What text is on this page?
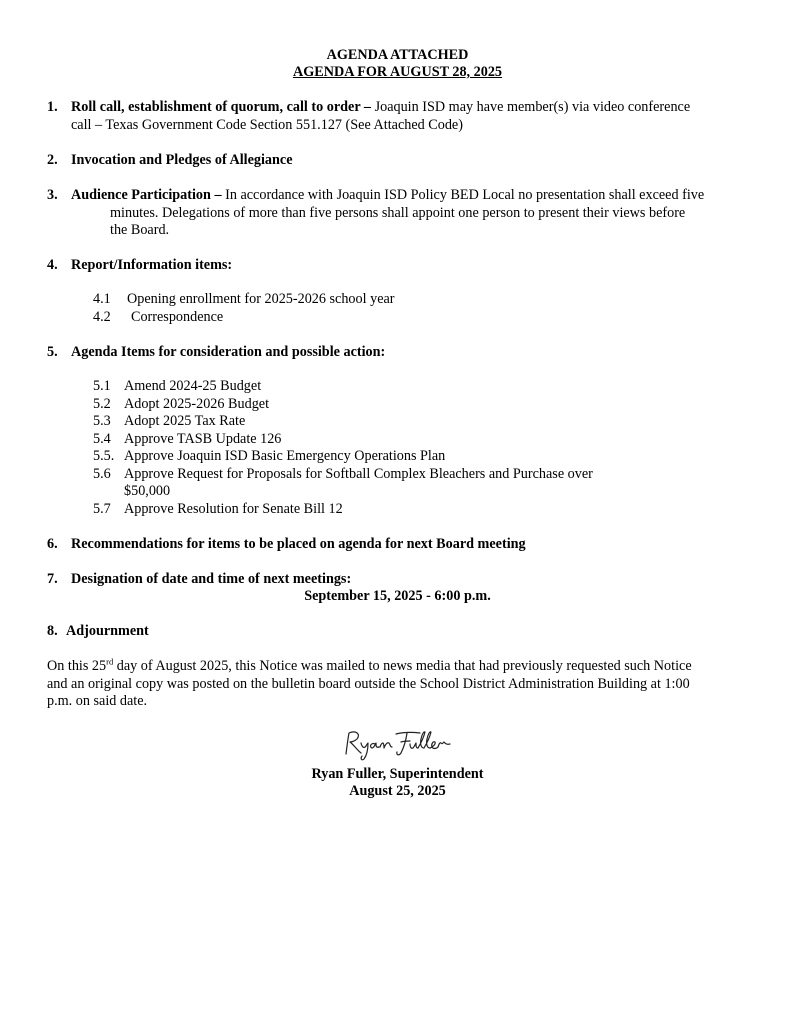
AGENDA ATTACHED
AGENDA FOR AUGUST 28, 2025
1. Roll call, establishment of quorum, call to order – Joaquin ISD may have member(s) via video conference
call – Texas Government Code Section 551.127 (See Attached Code)
2. Invocation and Pledges of Allegiance
3. Audience Participation – In accordance with Joaquin ISD Policy BED Local no presentation shall exceed five
minutes. Delegations of more than five persons shall appoint one person to present their views before
the Board.
4. Report/Information items:
4.1 Opening enrollment for 2025-2026 school year
4.2 Correspondence
5. Agenda Items for consideration and possible action:
5.1 Amend 2024-25 Budget
5.2 Adopt 2025-2026 Budget
5.3 Adopt 2025 Tax Rate
5.4 Approve TASB Update 126
5.5. Approve Joaquin ISD Basic Emergency Operations Plan
5.6 Approve Request for Proposals for Softball Complex Bleachers and Purchase over
$50,000
5.7 Approve Resolution for Senate Bill 12
6. Recommendations for items to be placed on agenda for next Board meeting
7. Designation of date and time of next meetings:
September 15, 2025 - 6:00 p.m.
8. Adjournment
On this 25rd day of August 2025, this Notice was mailed to news media that had previously requested such Notice
and an original copy was posted on the bulletin board outside the School District Administration Building at 1:00
p.m. on said date.
Ryan Fuller, Superintendent
August 25, 2025
